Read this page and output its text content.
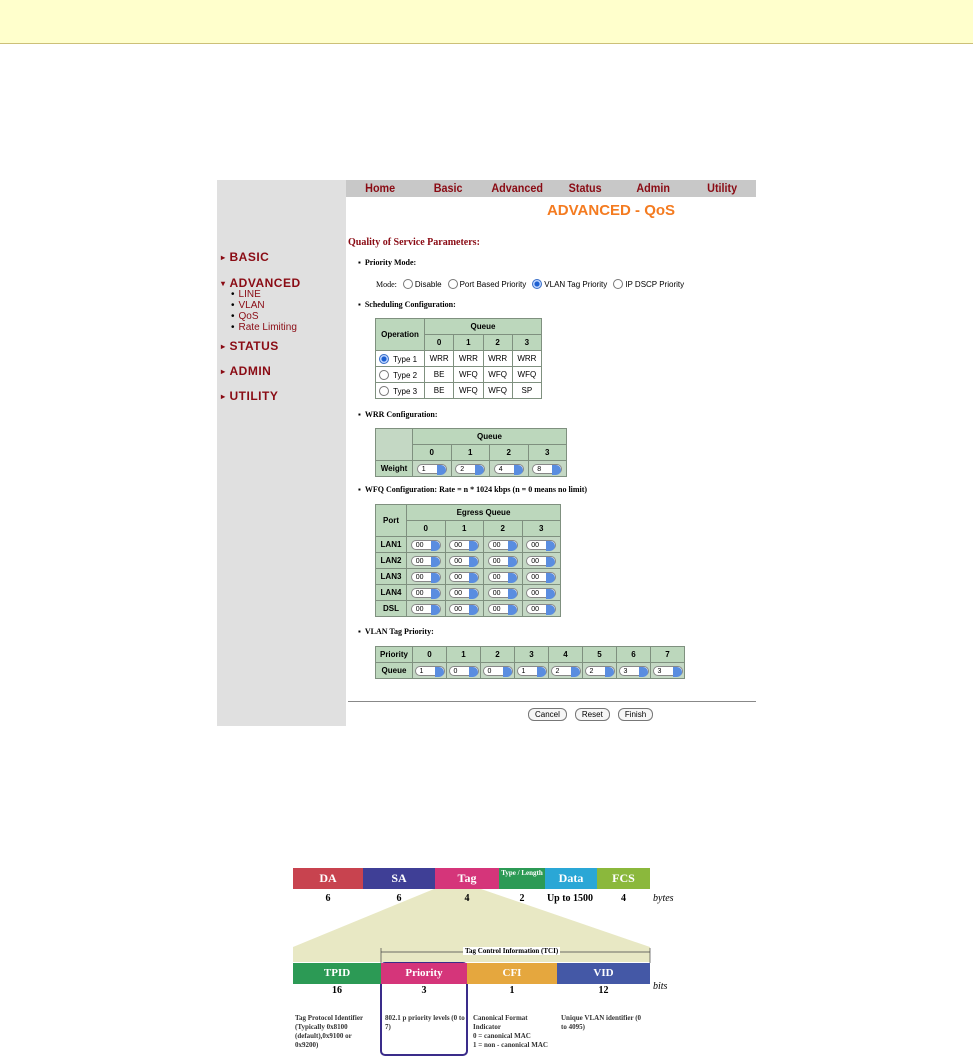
▸ BASIC
▾ ADVANCED
• LINE
• VLAN
• QoS
• Rate Limiting
▸ STATUS
▸ ADMIN
▸ UTILITY
Home	Basic	Advanced	Status	Admin	Utility
ADVANCED - QoS
Quality of Service Parameters:
▪ Priority Mode:
Mode:	Disable	Port Based Priority	VLAN Tag Priority	IP DSCP Priority
▪ Scheduling Configuration:
Operation	Queue			
	0	1	2	3
Type 1	WRR	WRR	WRR	WRR
Type 2	BE	WFQ	WFQ	WFQ
Type 3	BE	WFQ	WFQ	SP
▪ WRR Configuration:
	Queue			
	0	1	2	3
Weight	1	2	4	8
▪ WFQ Configuration: Rate = n * 1024 kbps (n = 0 means no limit)
Port	Egress Queue			
	0	1	2	3
LAN1	00	00	00	00
LAN2	00	00	00	00
LAN3	00	00	00	00
LAN4	00	00	00	00
DSL	00	00	00	00
▪ VLAN Tag Priority:
Priority	0	1	2	3	4	5	6	7
Queue	1	0	0	1	2	2	3	3
Cancel	Reset	Finish
DA	SA	Tag	Type / Length	Data	FCS
6	6	4	2	Up to 1500	4	bytes
Tag Control Information (TCI)
TPID	Priority	CFI	VID
16	3	1	12	bits
Tag Protocol Identifier (Typically 0x8100 (default),0x9100 or 0x9200)
802.1 p priority levels (0 to 7)
Canonical Format Indicator
0 = canonical MAC
1 = non - canonical MAC
Unique VLAN identifier (0 to 4095)
